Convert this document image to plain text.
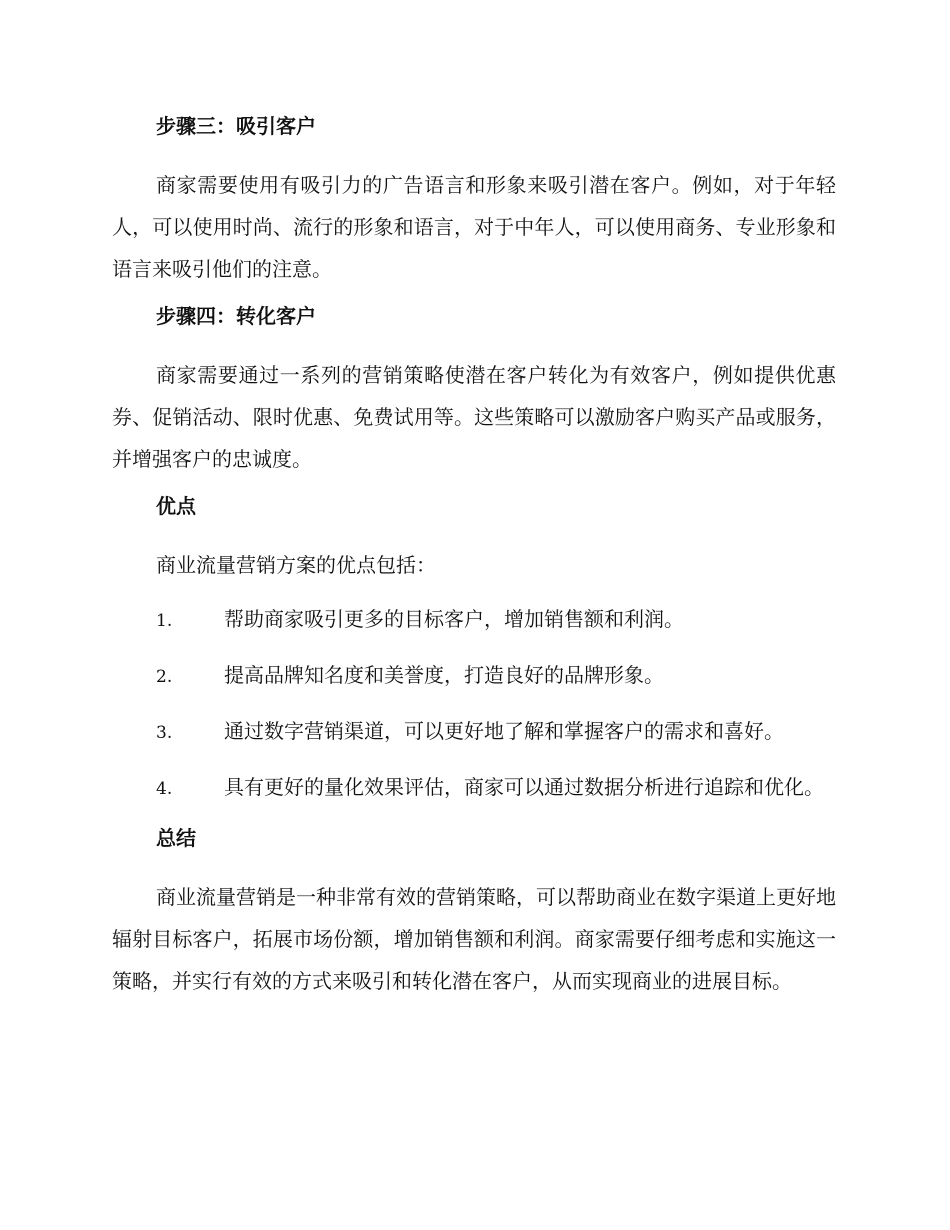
步骤三：吸引客户

商家需要使用有吸引力的广告语言和形象来吸引潜在客户。例如，对于年轻人，可以使用时尚、流行的形象和语言，对于中年人，可以使用商务、专业形象和语言来吸引他们的注意。

步骤四：转化客户

商家需要通过一系列的营销策略使潜在客户转化为有效客户，例如提供优惠券、促销活动、限时优惠、免费试用等。这些策略可以激励客户购买产品或服务，并增强客户的忠诚度。

优点

商业流量营销方案的优点包括：

1.	帮助商家吸引更多的目标客户，增加销售额和利润。
2.	提高品牌知名度和美誉度，打造良好的品牌形象。
3.	通过数字营销渠道，可以更好地了解和掌握客户的需求和喜好。
4.	具有更好的量化效果评估，商家可以通过数据分析进行追踪和优化。
总结

商业流量营销是一种非常有效的营销策略，可以帮助商业在数字渠道上更好地辐射目标客户，拓展市场份额，增加销售额和利润。商家需要仔细考虑和实施这一策略，并实行有效的方式来吸引和转化潜在客户，从而实现商业的进展目标。
